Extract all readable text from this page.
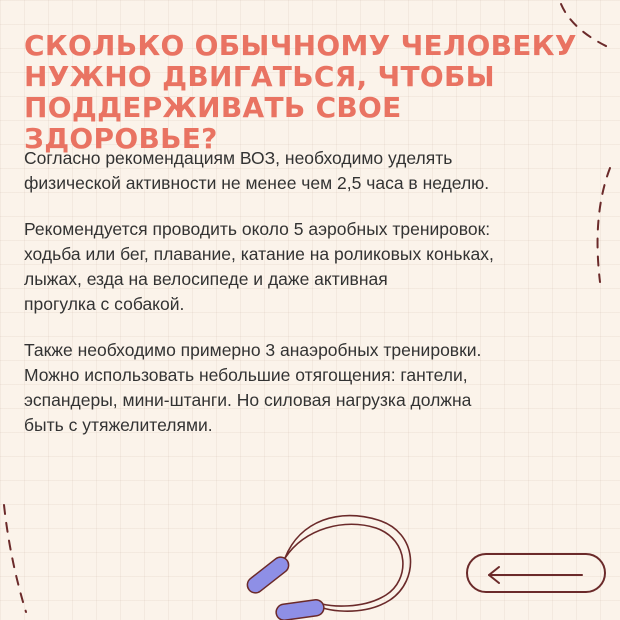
СКОЛЬКО ОБЫЧНОМУ ЧЕЛОВЕКУ НУЖНО ДВИГАТЬСЯ, ЧТОБЫ ПОДДЕРЖИВАТЬ СВОЕ ЗДОРОВЬЕ?

Согласно рекомендациям ВОЗ, необходимо уделять
физической активности не менее чем 2,5 часа в неделю.

Рекомендуется проводить около 5 аэробных тренировок:
ходьба или бег, плавание, катание на роликовых коньках,
лыжах, езда на велосипеде и даже активная
прогулка с собакой.

Также необходимо примерно 3 анаэробных тренировки.
Можно использовать небольшие отягощения: гантели,
эспандеры, мини-штанги. Но силовая нагрузка должна
быть с утяжелителями.
